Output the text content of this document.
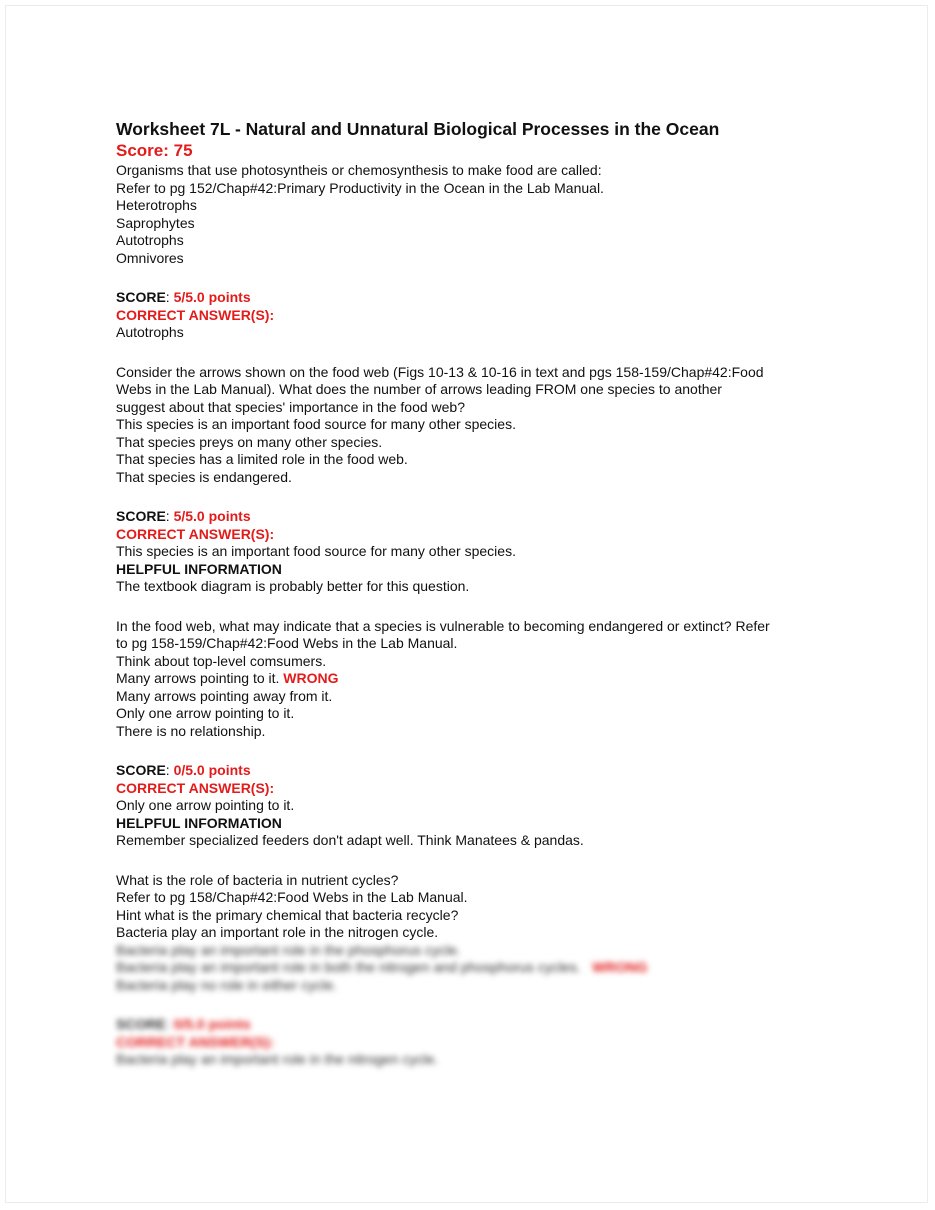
Worksheet 7L - Natural and Unnatural Biological Processes in the Ocean
Score: 75
Organisms that use photosyntheis or chemosynthesis to make food are called:
Refer to pg 152/Chap#42:Primary Productivity in the Ocean in the Lab Manual.
Heterotrophs
Saprophytes
Autotrophs
Omnivores
SCORE: 5/5.0 points
CORRECT ANSWER(S):
Autotrophs
Consider the arrows shown on the food web (Figs 10-13 & 10-16 in text and pgs 158-159/Chap#42:Food
Webs in the Lab Manual). What does the number of arrows leading FROM one species to another
suggest about that species' importance in the food web?
This species is an important food source for many other species.
That species preys on many other species.
That species has a limited role in the food web.
That species is endangered.
SCORE: 5/5.0 points
CORRECT ANSWER(S):
This species is an important food source for many other species.
HELPFUL INFORMATION
The textbook diagram is probably better for this question.
In the food web, what may indicate that a species is vulnerable to becoming endangered or extinct? Refer
to pg 158-159/Chap#42:Food Webs in the Lab Manual.
Think about top-level comsumers.
Many arrows pointing to it. WRONG
Many arrows pointing away from it.
Only one arrow pointing to it.
There is no relationship.
SCORE: 0/5.0 points
CORRECT ANSWER(S):
Only one arrow pointing to it.
HELPFUL INFORMATION
Remember specialized feeders don't adapt well. Think Manatees & pandas.
What is the role of bacteria in nutrient cycles?
Refer to pg 158/Chap#42:Food Webs in the Lab Manual.
Hint what is the primary chemical that bacteria recycle?
Bacteria play an important role in the nitrogen cycle.
Bacteria play an important role in the phosphorus cycle.
Bacteria play an important role in both the nitrogen and phosphorus cycles. WRONG
Bacteria play no role in either cycle.
SCORE: 0/5.0 points
CORRECT ANSWER(S):
Bacteria play an important role in the nitrogen cycle.
